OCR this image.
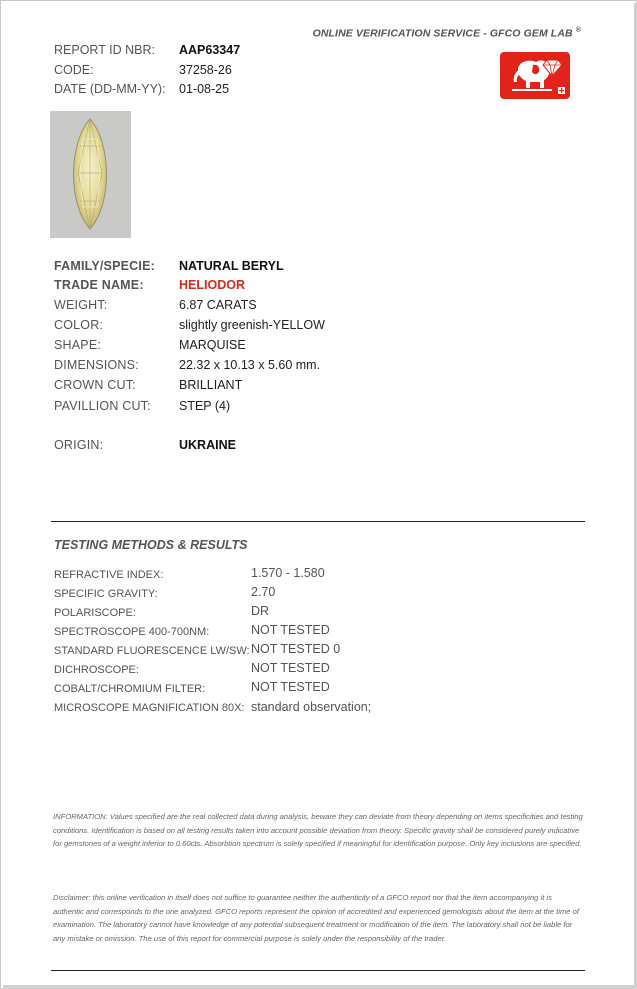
ONLINE VERIFICATION SERVICE - GFCO GEM LAB ®
REPORT ID NBR: AAP63347
CODE:	37258-26
DATE (DD-MM-YY): 01-08-25
FAMILY/SPECIE: NATURAL BERYL
TRADE NAME:	HELIODOR
WEIGHT:	6.87 CARATS
COLOR:	slightly greenish-YELLOW
SHAPE:	MARQUISE
DIMENSIONS:	22.32 x 10.13 x 5.60 mm.
CROWN CUT:	BRILLIANT
PAVILLION CUT: STEP (4)
ORIGIN:	UKRAINE
TESTING METHODS & RESULTS
REFRACTIVE INDEX:	1.570 - 1.580
SPECIFIC GRAVITY:	2.70
POLARISCOPE:	DR
SPECTROSCOPE 400-700NM:	NOT TESTED
STANDARD FLUORESCENCE LW/SW: NOT TESTED 0
DICHROSCOPE:	NOT TESTED
COBALT/CHROMIUM FILTER:	NOT TESTED
MICROSCOPE MAGNIFICATION 80X: standard observation;
INFORMATION: Values specified are the real collected data during analysis, beware they can deviate from theory depending on items specificities and testing conditions. Identification is based on all testing results taken into account possible deviation from theory. Specific gravity shall be considered purely indicative for gemstones of a weight inferior to 0.60cts. Absorbtion spectrum is solely specified if meaningful for identification purpose. Only key inclusions are specified.
Disclaimer: this online verification in itself does not suffice to guarantee neither the authenticity of a GFCO report nor that the item accompanying it is authentic and corresponds to the one analyzed. GFCO reports represent the opinion of accredited and experienced gemologists about the item at the time of examination. The laboratory cannot have knowledge of any potential subsequent treatment or modification of the item. The laboratory shall not be liable for any mistake or omission. The use of this report for commercial purpose is solely under the responsibility of the trader.
